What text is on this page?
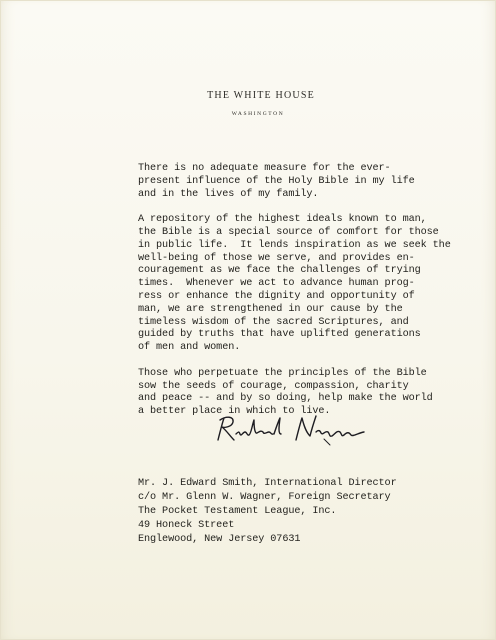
THE WHITE HOUSE
WASHINGTON

There is no adequate measure for the ever-
present influence of the Holy Bible in my life
and in the lives of my family.

A repository of the highest ideals known to man,
the Bible is a special source of comfort for those
in public life.  It lends inspiration as we seek the
well-being of those we serve, and provides en-
couragement as we face the challenges of trying
times.  Whenever we act to advance human prog-
ress or enhance the dignity and opportunity of
man, we are strengthened in our cause by the
timeless wisdom of the sacred Scriptures, and
guided by truths that have uplifted generations
of men and women.

Those who perpetuate the principles of the Bible
sow the seeds of courage, compassion, charity
and peace -- and by so doing, help make the world
a better place in which to live.

Mr. J. Edward Smith, International Director
c/o Mr. Glenn W. Wagner, Foreign Secretary
The Pocket Testament League, Inc.
49 Honeck Street
Englewood, New Jersey 07631
